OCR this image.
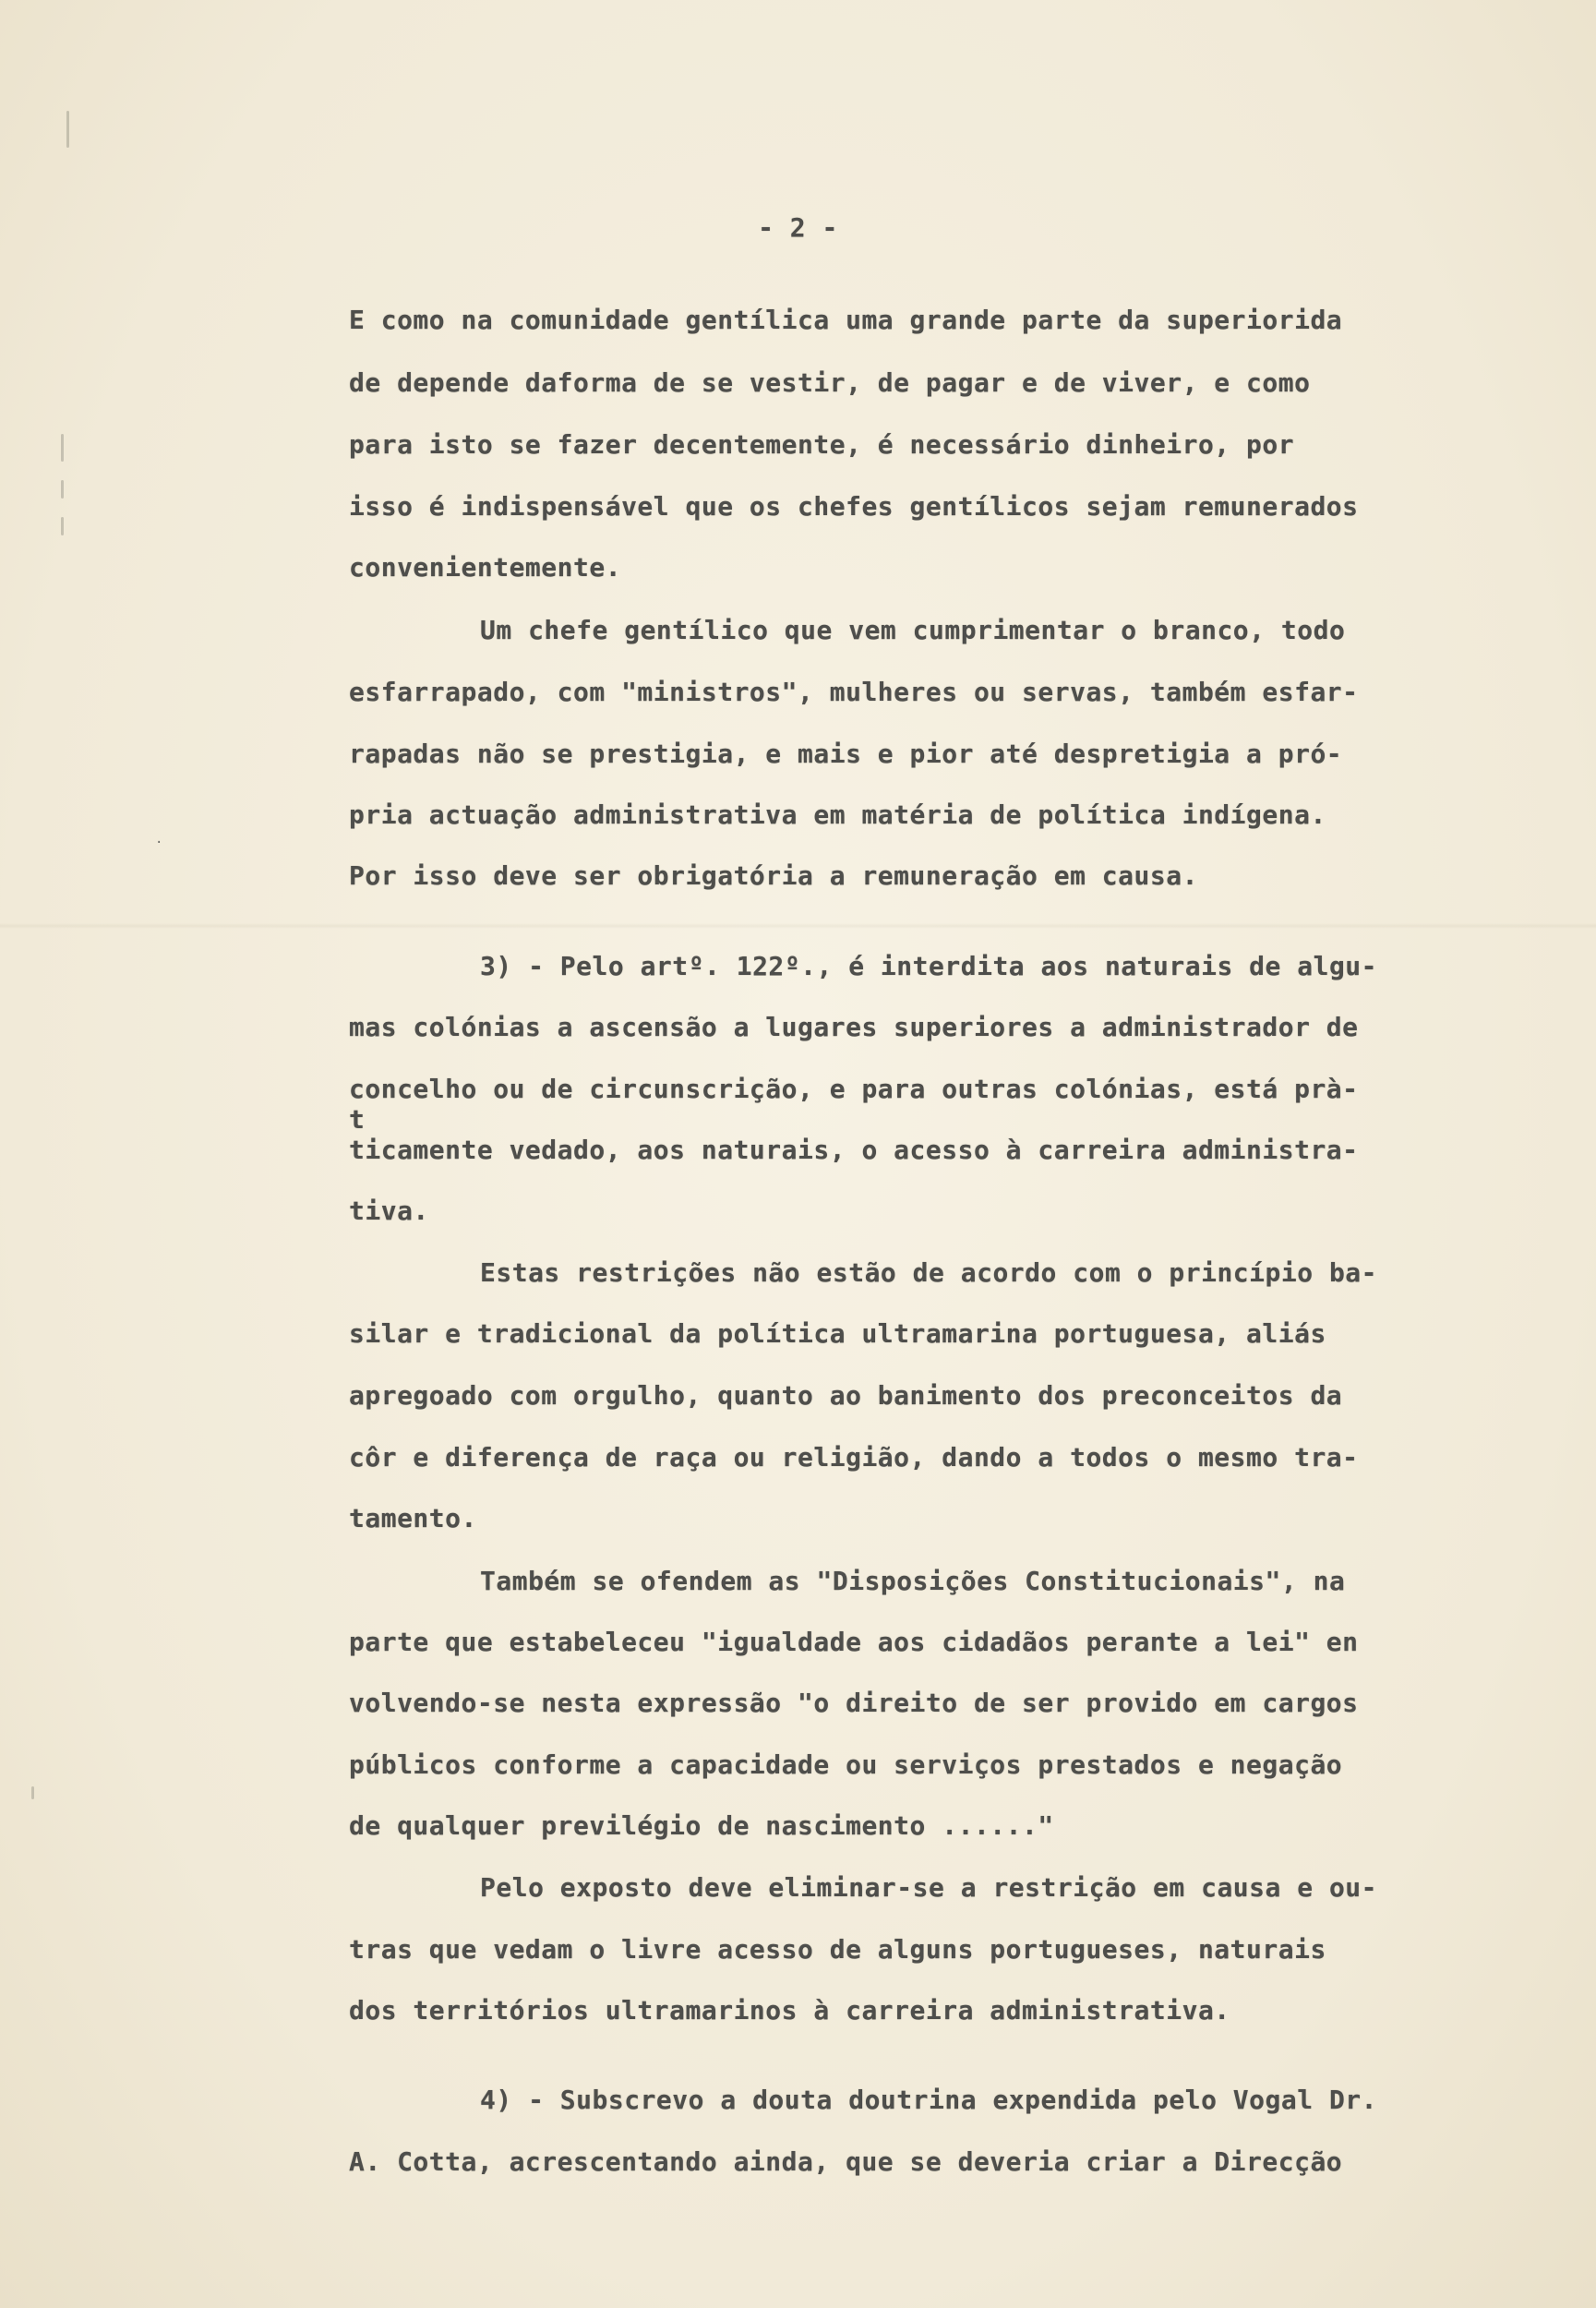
·
- 2 -
E como na comunidade gentílica uma grande parte da superiorida
de depende daforma de se vestir, de pagar e de viver, e como
para isto se fazer decentemente, é necessário dinheiro, por
isso é indispensável que os chefes gentílicos sejam remunerados
convenientemente.
Um chefe gentílico que vem cumprimentar o branco, todo
esfarrapado, com "ministros", mulheres ou servas, também esfar-
rapadas não se prestigia, e mais e pior até despretigia a pró-
pria actuação administrativa em matéria de política indígena.
Por isso deve ser obrigatória a remuneração em causa.
3) - Pelo artº. 122º., é interdita aos naturais de algu-
mas colónias a ascensão a lugares superiores a administrador de
concelho ou de circunscrição, e para outras colónias, está prà-
t
ticamente vedado, aos naturais, o acesso à carreira administra-
tiva.
Estas restrições não estão de acordo com o princípio ba-
silar e tradicional da política ultramarina portuguesa, aliás
apregoado com orgulho, quanto ao banimento dos preconceitos da
côr e diferença de raça ou religião, dando a todos o mesmo tra-
tamento.
Também se ofendem as "Disposições Constitucionais", na
parte que estabeleceu "igualdade aos cidadãos perante a lei" en
volvendo-se nesta expressão "o direito de ser provido em cargos
públicos conforme a capacidade ou serviços prestados e negação
de qualquer previlégio de nascimento ......"
Pelo exposto deve eliminar-se a restrição em causa e ou-
tras que vedam o livre acesso de alguns portugueses, naturais
dos territórios ultramarinos à carreira administrativa.
4) - Subscrevo a douta doutrina expendida pelo Vogal Dr.
A. Cotta, acrescentando ainda, que se deveria criar a Direcção
